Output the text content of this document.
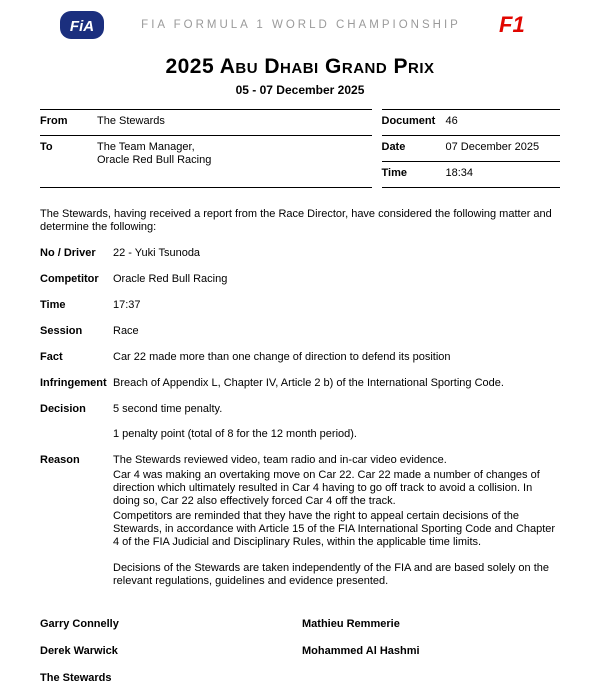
FiA	FIA FORMULA 1 WORLD CHAMPIONSHIP F1
2025 Abu Dhabi Grand Prix
05 - 07 December 2025
From	The Stewards
To	The Team Manager,
Oracle Red Bull Racing
Document	46
Date	07 December 2025
Time	18:34

The Stewards, having received a report from the Race Director, have considered the following matter and determine the following:

No / Driver	22 - Yuki Tsunoda
Competitor	Oracle Red Bull Racing
Time	17:37
Session	Race
Fact	Car 22 made more than one change of direction to defend its position
Infringement Breach of Appendix L, Chapter IV, Article 2 b) of the International Sporting Code.
Decision	5 second time penalty.

1 penalty point (total of 8 for the 12 month period).

Reason	The Stewards reviewed video, team radio and in-car video evidence.

Car 4 was making an overtaking move on Car 22. Car 22 made a number of changes of direction which ultimately resulted in Car 4 having to go off track to avoid a collision. In doing so, Car 22 also effectively forced Car 4 off the track.

Competitors are reminded that they have the right to appeal certain decisions of the Stewards, in accordance with Article 15 of the FIA International Sporting Code and Chapter 4 of the FIA Judicial and Disciplinary Rules, within the applicable time limits.

Decisions of the Stewards are taken independently of the FIA and are based solely on the relevant regulations, guidelines and evidence presented.

Garry Connelly	Mathieu Remmerie
Derek Warwick	Mohammed Al Hashmi
The Stewards
